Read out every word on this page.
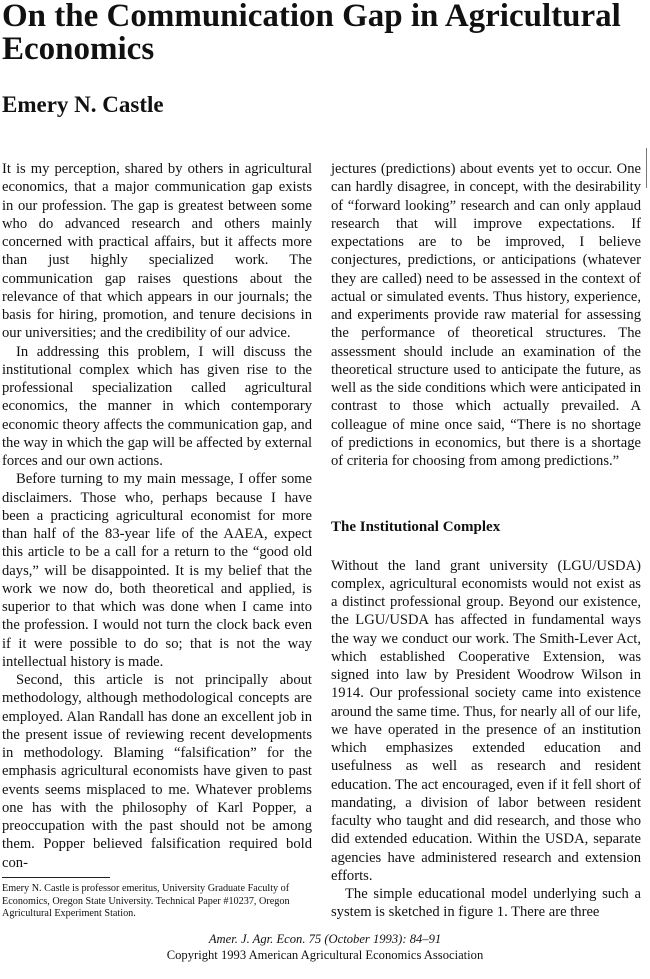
On the Communication Gap in Agricultural Economics
Emery N. Castle

It is my perception, shared by others in agricultural economics, that a major communication gap exists in our profession. The gap is greatest between some who do advanced research and others mainly concerned with practical affairs, but it affects more than just highly specialized work. The communication gap raises questions about the relevance of that which appears in our journals; the basis for hiring, promotion, and tenure decisions in our universities; and the credibility of our advice.

In addressing this problem, I will discuss the institutional complex which has given rise to the professional specialization called agricultural economics, the manner in which contemporary economic theory affects the communication gap, and the way in which the gap will be affected by external forces and our own actions.

Before turning to my main message, I offer some disclaimers. Those who, perhaps because I have been a practicing agricultural economist for more than half of the 83-year life of the AAEA, expect this article to be a call for a return to the “good old days,” will be disappointed. It is my belief that the work we now do, both theoretical and applied, is superior to that which was done when I came into the profession. I would not turn the clock back even if it were possible to do so; that is not the way intellectual history is made.

Second, this article is not principally about methodology, although methodological concepts are employed. Alan Randall has done an excellent job in the present issue of reviewing recent developments in methodology. Blaming “falsification” for the emphasis agricultural economists have given to past events seems misplaced to me. Whatever problems one has with the philosophy of Karl Popper, a preoccupation with the past should not be among them. Popper believed falsification required bold con-

jectures (predictions) about events yet to occur. One can hardly disagree, in concept, with the desirability of “forward looking” research and can only applaud research that will improve expectations. If expectations are to be improved, I believe conjectures, predictions, or anticipations (whatever they are called) need to be assessed in the context of actual or simulated events. Thus history, experience, and experiments provide raw material for assessing the performance of theoretical structures. The assessment should include an examination of the theoretical structure used to anticipate the future, as well as the side conditions which were anticipated in contrast to those which actually prevailed. A colleague of mine once said, “There is no shortage of predictions in economics, but there is a shortage of criteria for choosing from among predictions.”

The Institutional Complex

Without the land grant university (LGU/USDA) complex, agricultural economists would not exist as a distinct professional group. Beyond our existence, the LGU/USDA has affected in fundamental ways the way we conduct our work. The Smith-Lever Act, which established Cooperative Extension, was signed into law by President Woodrow Wilson in 1914. Our professional society came into existence around the same time. Thus, for nearly all of our life, we have operated in the presence of an institution which emphasizes extended education and usefulness as well as research and resident education. The act encouraged, even if it fell short of mandating, a division of labor between resident faculty who taught and did research, and those who did extended education. Within the USDA, separate agencies have administered research and extension efforts.

The simple educational model underlying such a system is sketched in figure 1. There are three

Emery N. Castle is professor emeritus, University Graduate Faculty of Economics, Oregon State University. Technical Paper #10237, Oregon Agricultural Experiment Station.
Amer. J. Agr. Econ. 75 (October 1993): 84–91
Copyright 1993 American Agricultural Economics Association
